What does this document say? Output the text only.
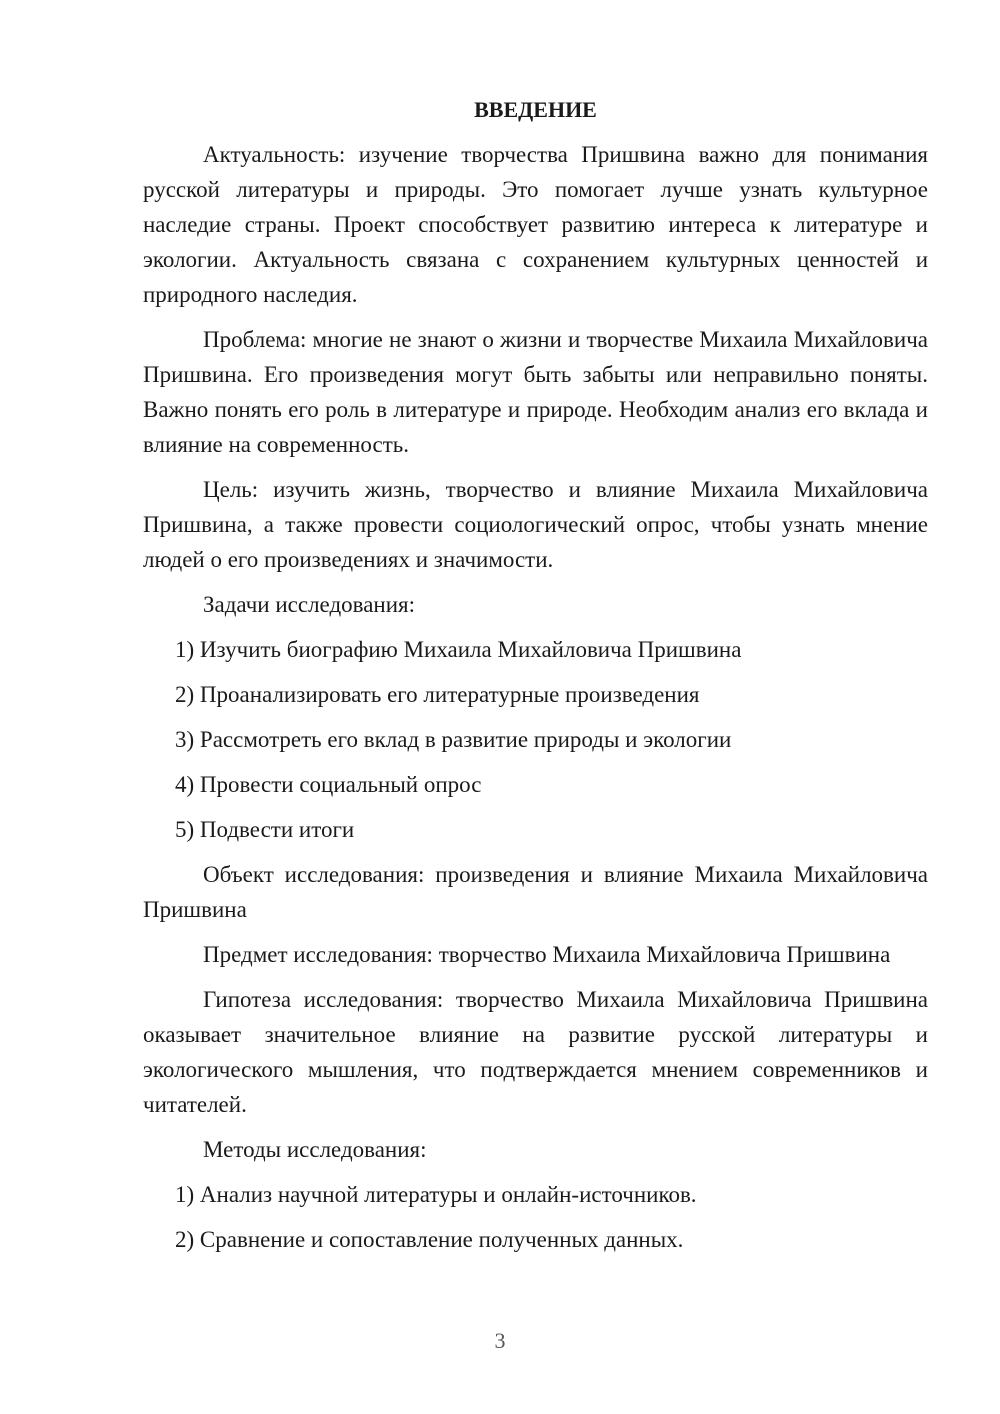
ВВЕДЕНИЕ

Актуальность: изучение творчества Пришвина важно для понимания русской литературы и природы. Это помогает лучше узнать культурное наследие страны. Проект способствует развитию интереса к литературе и экологии. Актуальность связана с сохранением культурных ценностей и природного наследия.

Проблема: многие не знают о жизни и творчестве Михаила Михайловича Пришвина. Его произведения могут быть забыты или неправильно поняты. Важно понять его роль в литературе и природе. Необходим анализ его вклада и влияние на современность.

Цель: изучить жизнь, творчество и влияние Михаила Михайловича Пришвина, а также провести социологический опрос, чтобы узнать мнение людей о его произведениях и значимости.

Задачи исследования:

1) Изучить биографию Михаила Михайловича Пришвина
2) Проанализировать его литературные произведения
3) Рассмотреть его вклад в развитие природы и экологии
4) Провести социальный опрос
5) Подвести итоги

Объект исследования: произведения и влияние Михаила Михайловича Пришвина

Предмет исследования: творчество Михаила Михайловича Пришвина

Гипотеза исследования: творчество Михаила Михайловича Пришвина оказывает значительное влияние на развитие русской литературы и экологического мышления, что подтверждается мнением современников и читателей.

Методы исследования:

1) Анализ научной литературы и онлайн-источников.
2) Сравнение и сопоставление полученных данных.
3
